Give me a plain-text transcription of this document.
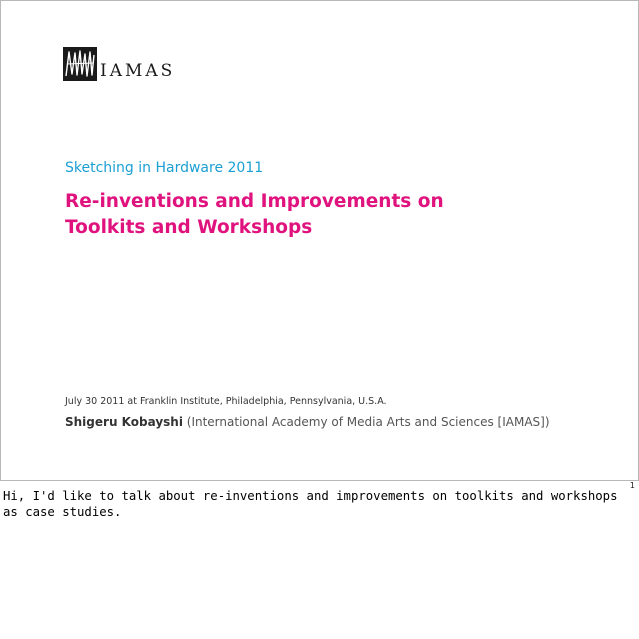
IAMAS
Sketching in Hardware 2011
Re-inventions and Improvements on
Toolkits and Workshops
July 30 2011 at Franklin Institute, Philadelphia, Pennsylvania, U.S.A.
Shigeru Kobayshi (International Academy of Media Arts and Sciences [IAMAS])
1

Hi, I'd like to talk about re-inventions and improvements on toolkits and workshops as case studies.
